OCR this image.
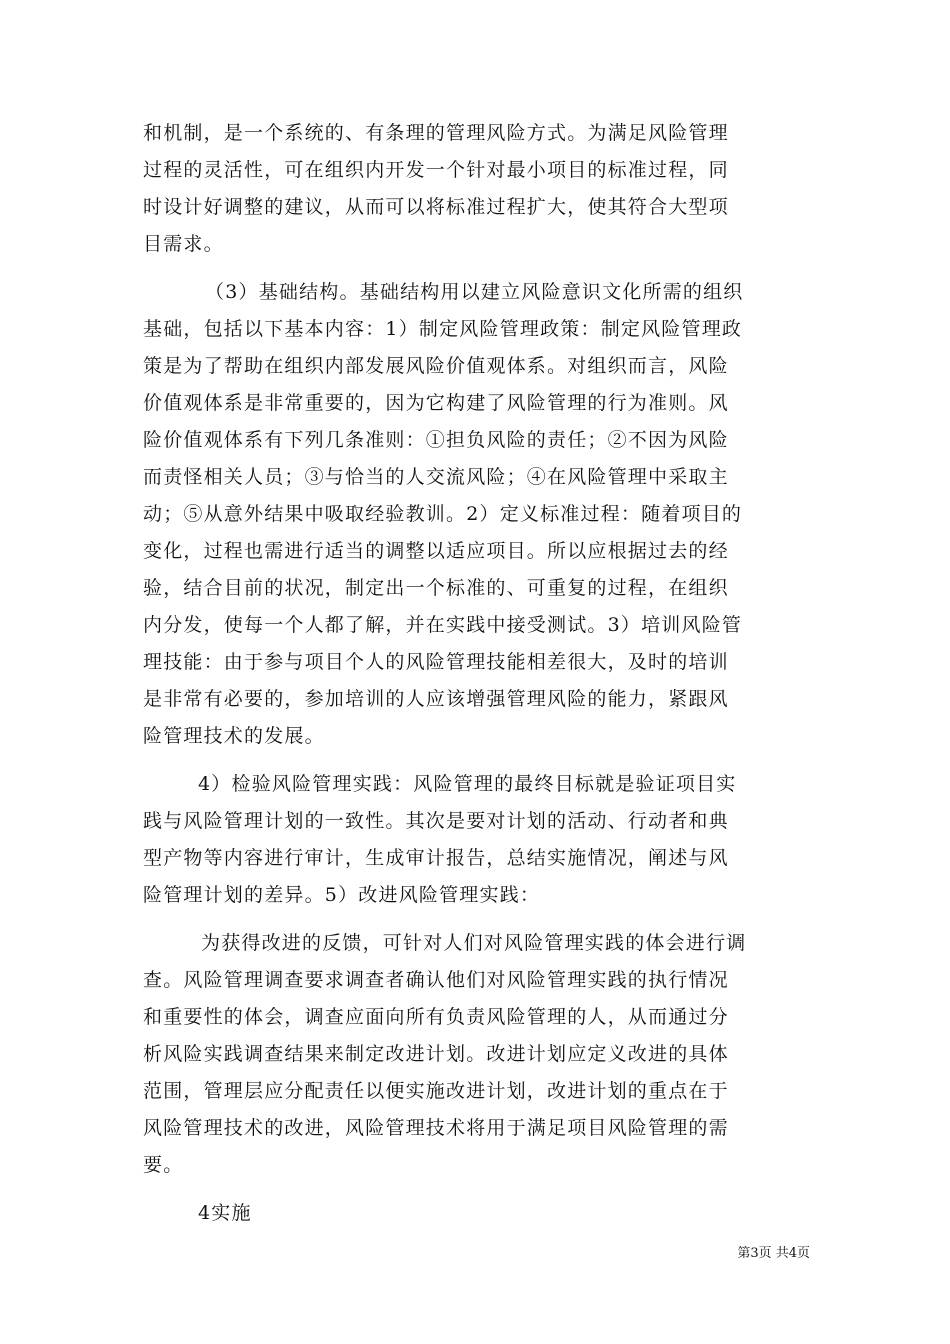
和机制，是一个系统的、有条理的管理风险方式。为满足风险管理
过程的灵活性，可在组织内开发一个针对最小项目的标准过程，同
时设计好调整的建议，从而可以将标准过程扩大，使其符合大型项
目需求。
（3）基础结构。基础结构用以建立风险意识文化所需的组织
基础，包括以下基本内容：1）制定风险管理政策：制定风险管理政
策是为了帮助在组织内部发展风险价值观体系。对组织而言，风险
价值观体系是非常重要的，因为它构建了风险管理的行为准则。风
险价值观体系有下列几条准则：①担负风险的责任；②不因为风险
而责怪相关人员；③与恰当的人交流风险；④在风险管理中采取主
动；⑤从意外结果中吸取经验教训。2）定义标准过程：随着项目的
变化，过程也需进行适当的调整以适应项目。所以应根据过去的经
验，结合目前的状况，制定出一个标准的、可重复的过程，在组织
内分发，使每一个人都了解，并在实践中接受测试。3）培训风险管
理技能：由于参与项目个人的风险管理技能相差很大，及时的培训
是非常有必要的，参加培训的人应该增强管理风险的能力，紧跟风
险管理技术的发展。
4）检验风险管理实践：风险管理的最终目标就是验证项目实
践与风险管理计划的一致性。其次是要对计划的活动、行动者和典
型产物等内容进行审计，生成审计报告，总结实施情况，阐述与风
险管理计划的差异。5）改进风险管理实践：
为获得改进的反馈，可针对人们对风险管理实践的体会进行调
查。风险管理调查要求调查者确认他们对风险管理实践的执行情况
和重要性的体会，调查应面向所有负责风险管理的人，从而通过分
析风险实践调查结果来制定改进计划。改进计划应定义改进的具体
范围，管理层应分配责任以便实施改进计划，改进计划的重点在于
风险管理技术的改进，风险管理技术将用于满足项目风险管理的需
要。
4实施
第3页 共4页
